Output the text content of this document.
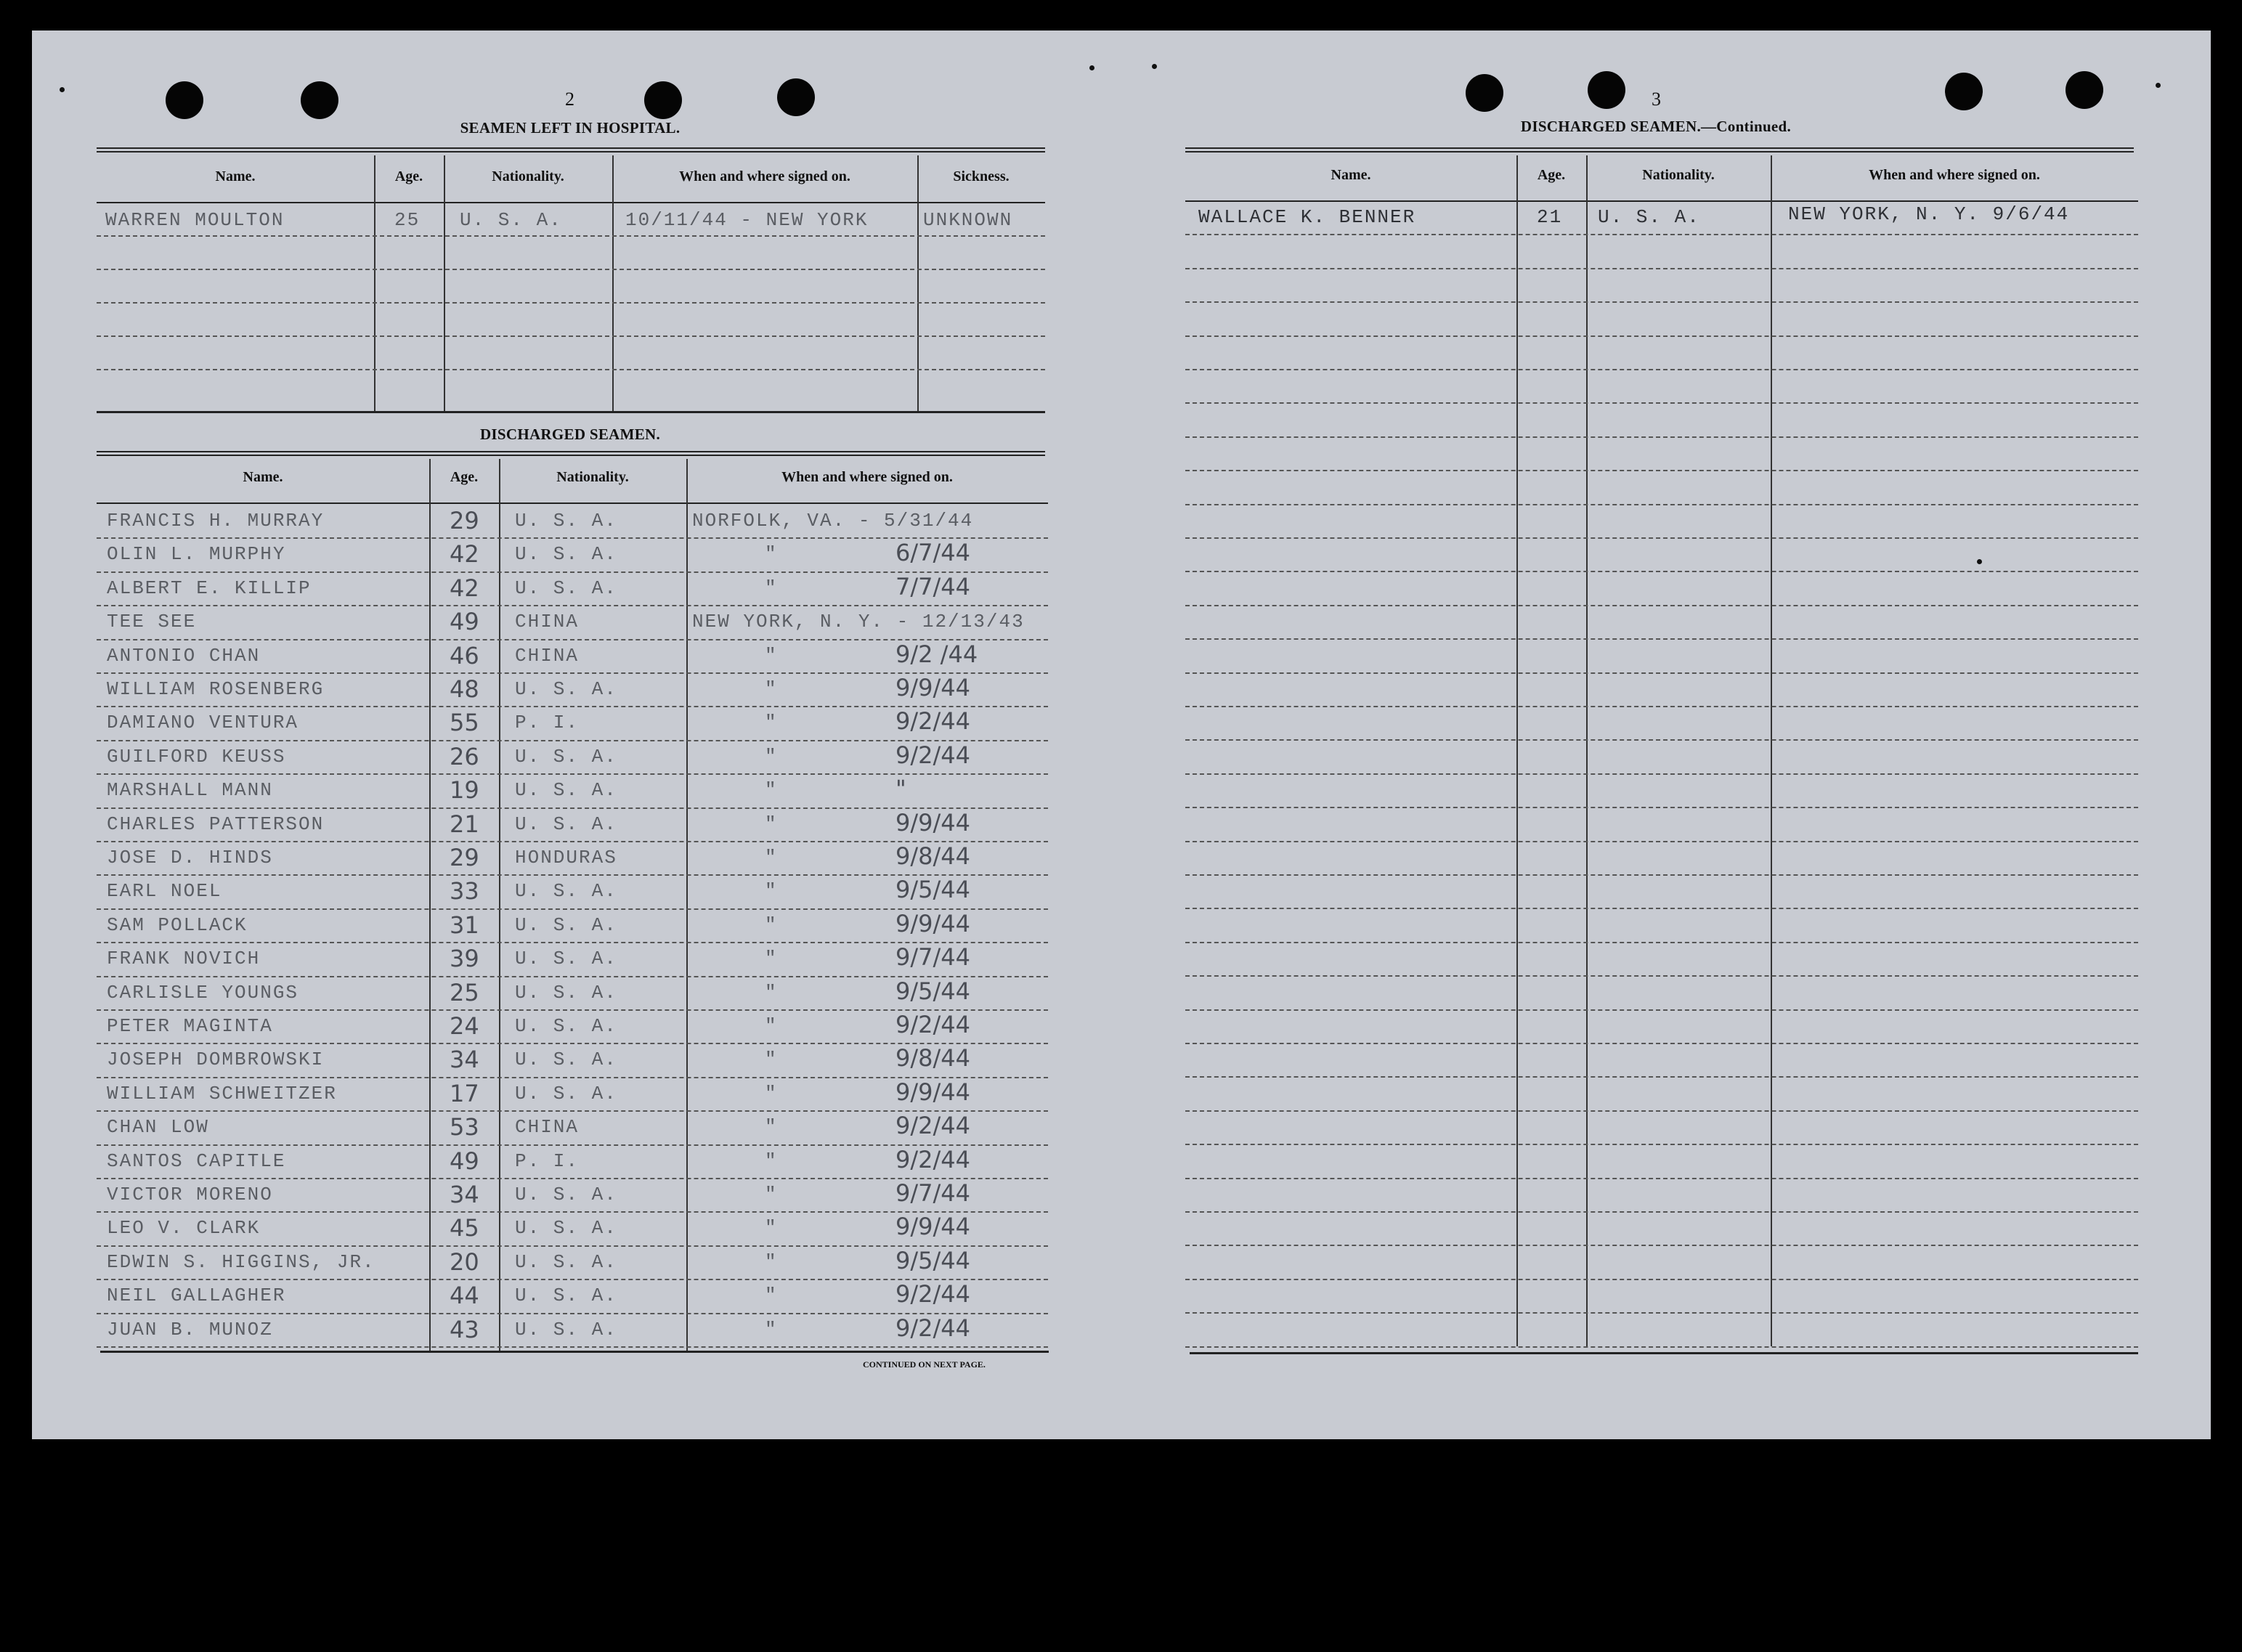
2
SEAMEN LEFT IN HOSPITAL.
Name.	Age.	Nationality.	When and where signed on.	Sickness.
WARREN MOULTON	25 U. S. A.	10/11/44 - NEW YORK	UNKNOWN
DISCHARGED SEAMEN.
Name.	Age.	Nationality.	When and where signed on.
FRANCIS H. MURRAY	29 U. S. A.	NORFOLK, VA. - 5/31/44
OLIN L. MURPHY	42 U. S. A.	"	6/7/44
ALBERT E. KILLIP	42 U. S. A.	"	7/7/44
TEE SEE	49 CHINA	NEW YORK, N. Y. - 12/13/43
ANTONIO CHAN	46 CHINA	"	9/2 /44
WILLIAM ROSENBERG	48 U. S. A.	"	9/9/44
DAMIANO VENTURA	55 P. I.	"	9/2/44
GUILFORD KEUSS	26 U. S. A.	"	9/2/44
MARSHALL MANN	19 U. S. A.	"	"
CHARLES PATTERSON	21 U. S. A.	"	9/9/44
JOSE D. HINDS	29 HONDURAS	"	9/8/44
EARL NOEL	33 U. S. A.	"	9/5/44
SAM POLLACK	31 U. S. A.	"	9/9/44
FRANK NOVICH	39 U. S. A.	"	9/7/44
CARLISLE YOUNGS	25 U. S. A.	"	9/5/44
PETER MAGINTA	24 U. S. A.	"	9/2/44
JOSEPH DOMBROWSKI	34 U. S. A.	"	9/8/44
WILLIAM SCHWEITZER	17 U. S. A.	"	9/9/44
CHAN LOW	53 CHINA	"	9/2/44
SANTOS CAPITLE	49 P. I.	"	9/2/44
VICTOR MORENO	34 U. S. A.	"	9/7/44
LEO V. CLARK	45 U. S. A.	"	9/9/44
EDWIN S. HIGGINS, JR.	20 U. S. A.	"	9/5/44
NEIL GALLAGHER	44 U. S. A.	"	9/2/44
JUAN B. MUNOZ	43 U. S. A.	"	9/2/44
CONTINUED ON NEXT PAGE.
3
DISCHARGED SEAMEN.—Continued.
Name.	Age.	Nationality.	When and where signed on.
WALLACE K. BENNER	21 U. S. A.	NEW YORK, N. Y. 9/6/44
